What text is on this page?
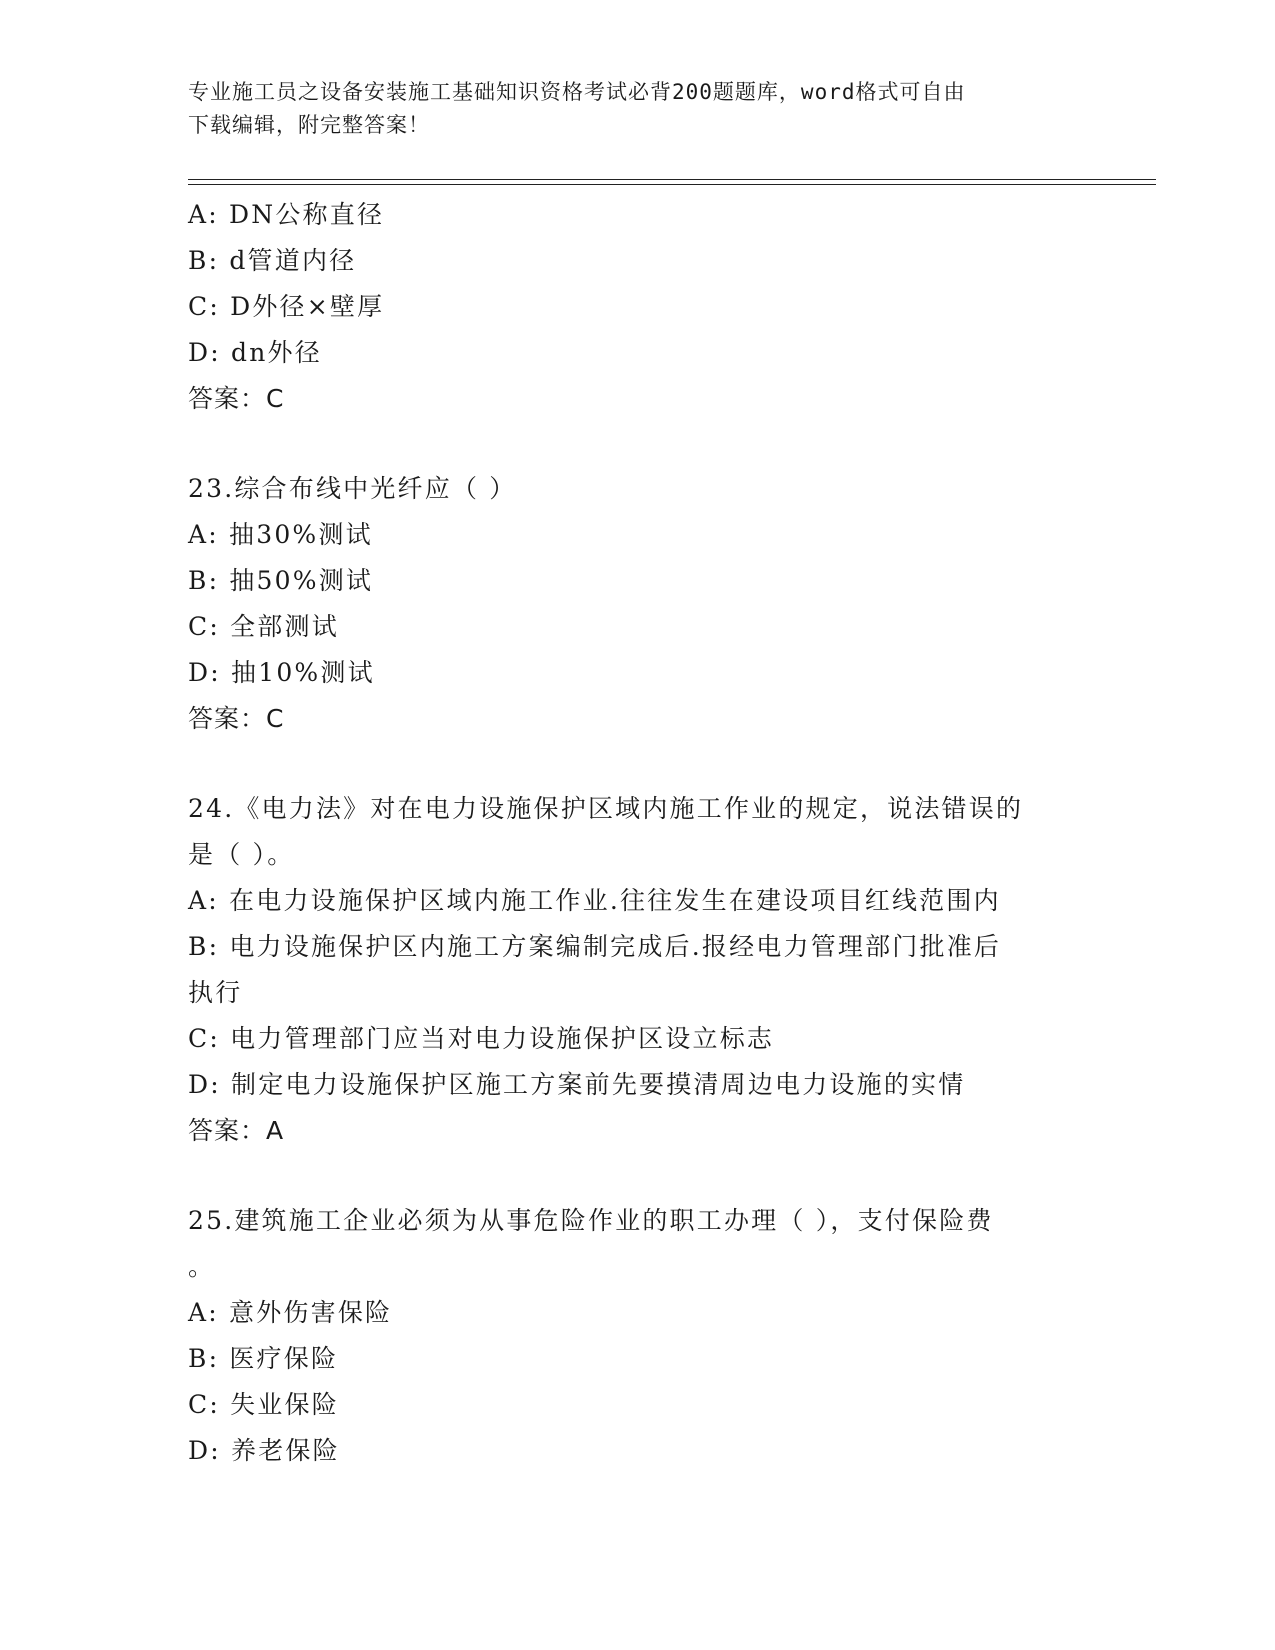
专业施工员之设备安装施工基础知识资格考试必背200题题库，word格式可自由
下载编辑，附完整答案！
A: DN公称直径
B: d管道内径
C: D外径×壁厚
D: dn外径
答案：C
23.综合布线中光纤应（ ）
A: 抽30%测试
B: 抽50%测试
C: 全部测试
D: 抽10%测试
答案：C
24.《电力法》对在电力设施保护区域内施工作业的规定，说法错误的
是（ ）。
A: 在电力设施保护区域内施工作业.往往发生在建设项目红线范围内
B: 电力设施保护区内施工方案编制完成后.报经电力管理部门批准后
执行
C: 电力管理部门应当对电力设施保护区设立标志
D: 制定电力设施保护区施工方案前先要摸清周边电力设施的实情
答案：A
25.建筑施工企业必须为从事危险作业的职工办理（ ），支付保险费
。
A: 意外伤害保险
B: 医疗保险
C: 失业保险
D: 养老保险
